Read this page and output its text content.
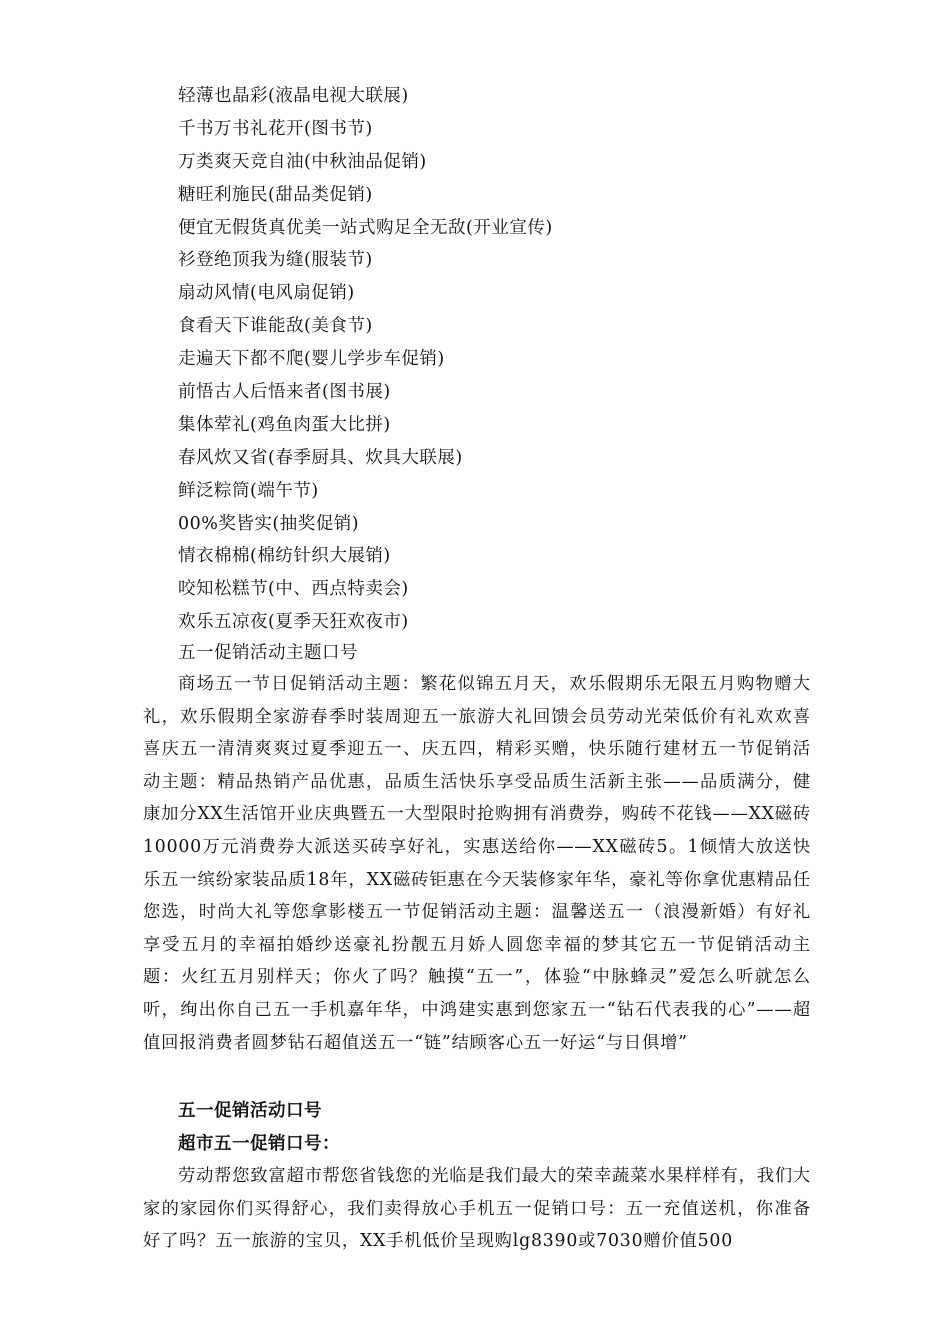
轻薄也晶彩(液晶电视大联展)
千书万书礼花开(图书节)
万类爽天竞自油(中秋油品促销)
糖旺利施民(甜品类促销)
便宜无假货真优美一站式购足全无敌(开业宣传)
衫登绝顶我为缝(服装节)
扇动风情(电风扇促销)
食看天下谁能敌(美食节)
走遍天下都不爬(婴儿学步车促销)
前悟古人后悟来者(图书展)
集体荤礼(鸡鱼肉蛋大比拼)
春风炊又省(春季厨具、炊具大联展)
鲜泛粽筒(端午节)
00%奖皆实(抽奖促销)
情衣棉棉(棉纺针织大展销)
咬知松糕节(中、西点特卖会)
欢乐五凉夜(夏季天狂欢夜市)
五一促销活动主题口号

商场五一节日促销活动主题：繁花似锦五月天，欢乐假期乐无限五月购物赠大礼，欢乐假期全家游春季时装周迎五一旅游大礼回馈会员劳动光荣低价有礼欢欢喜喜庆五一清清爽爽过夏季迎五一、庆五四，精彩买赠，快乐随行建材五一节促销活动主题：精品热销产品优惠，品质生活快乐享受品质生活新主张——品质满分，健康加分XX生活馆开业庆典暨五一大型限时抢购拥有消费券，购砖不花钱——XX磁砖10000万元消费券大派送买砖享好礼，实惠送给你——XX磁砖5。1倾情大放送快乐五一缤纷家装品质18年，XX磁砖钜惠在今天装修家年华，豪礼等你拿优惠精品任您选，时尚大礼等您拿影楼五一节促销活动主题：温馨送五一（浪漫新婚）有好礼享受五月的幸福拍婚纱送豪礼扮靓五月娇人圆您幸福的梦其它五一节促销活动主题：火红五月别样天；你火了吗？触摸“五一”，体验“中脉蜂灵”爱怎么听就怎么听，绚出你自己五一手机嘉年华，中鸿建实惠到您家五一“钻石代表我的心”——超值回报消费者圆梦钻石超值送五一“链”结顾客心五一好运“与日俱增”

五一促销活动口号
超市五一促销口号：

劳动帮您致富超市帮您省钱您的光临是我们最大的荣幸蔬菜水果样样有，我们大家的家园你们买得舒心，我们卖得放心手机五一促销口号：五一充值送机，你准备好了吗？五一旅游的宝贝，XX手机低价呈现购lg8390或7030赠价值500
